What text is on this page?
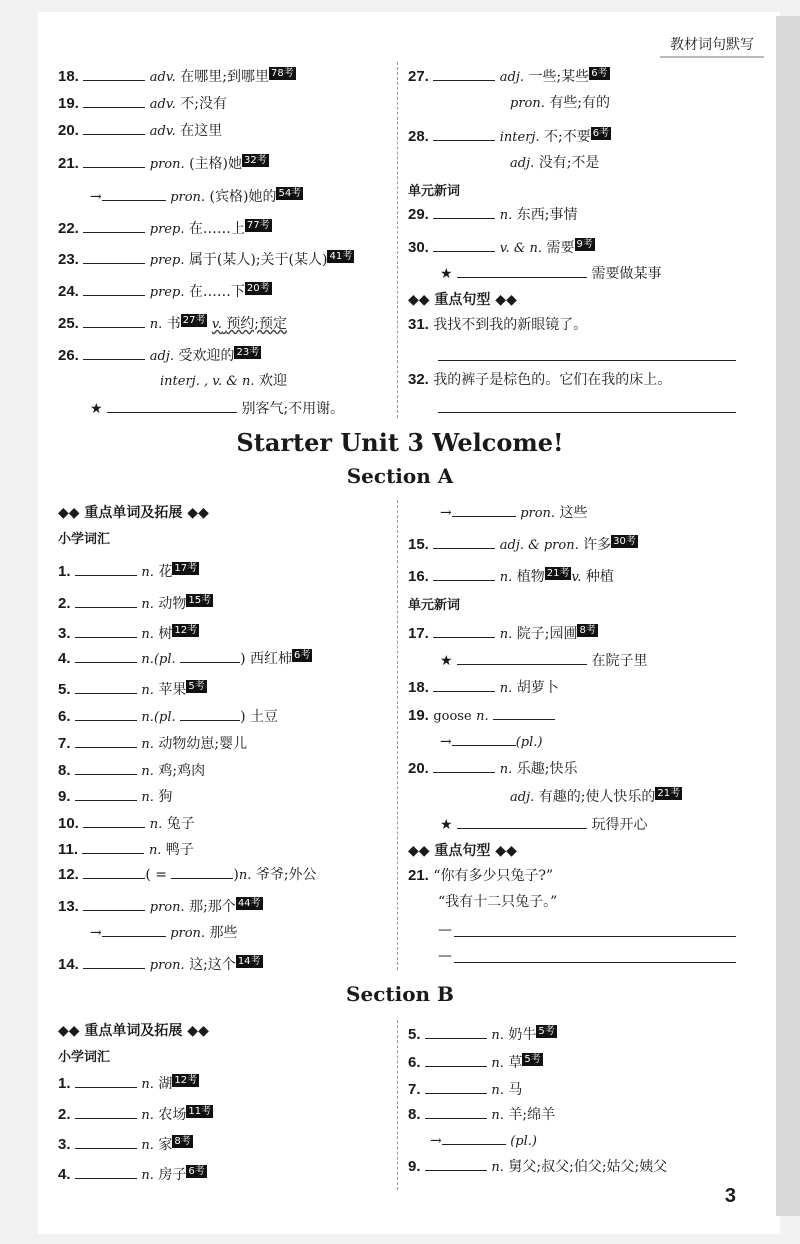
教材词句默写
3
18.	adv. 在哪里;到哪里 78考
19.	adv. 不;没有
20.	adv. 在这里
21.	pron. (主格)她 32考
→	pron. (宾格)她的 54考
22.	prep. 在……上 77考
23.	prep. 属于(某人);关于(某人) 41考
24.	prep. 在……下 20考
25.	n. 书 27考 v. 预约;预定
26.	adj. 受欢迎的 23考
interj. , v. & n. 欢迎
★	别客气;不用谢。
27.	adj. 一些;某些 6考
pron. 有些;有的
28.	interj. 不;不要 6考
adj. 没有;不是
单元新词
29.	n. 东西;事情
30.	v. & n. 需要 9考
★	需要做某事
◆◆ 重点句型 ◆◆
31. 我找不到我的新眼镜了。
32. 我的裤子是棕色的。它们在我的床上。
Starter Unit 3 Welcome!
Section A
◆◆ 重点单词及拓展 ◆◆
小学词汇
1.	n. 花 17考
2.	n. 动物 15考
3.	n. 树 12考
4.	n.(pl.	) 西红柿 6考
5.	n. 苹果 5考
6.	n.(pl.	) 土豆
7.	n. 动物幼崽;婴儿
8.	n. 鸡;鸡肉
9.	n. 狗
10.	n. 兔子
11.	n. 鸭子
12.	( =	)n. 爷爷;外公
13.	pron. 那;那个 44考
→	pron. 那些
14.	pron. 这;这个 14考
→	pron. 这些
15.	adj. & pron. 许多 30考
16.	n. 植物 21考 v. 种植
单元新词
17.	n. 院子;园圃 8考
★	在院子里
18.	n. 胡萝卜
19. goose n.
→	(pl.)
20.	n. 乐趣;快乐
adj. 有趣的;使人快乐的 21考
★	玩得开心
◆◆ 重点句型 ◆◆
21. “你有多少只兔子?”
“我有十二只兔子。”
—
—
Section B
◆◆ 重点单词及拓展 ◆◆
小学词汇
1.	n. 湖 12考
2.	n. 农场 11考
3.	n. 家 8考
4.	n. 房子 6考
5.	n. 奶牛 5考
6.	n. 草 5考
7.	n. 马
8.	n. 羊;绵羊
→	(pl.)
9.	n. 舅父;叔父;伯父;姑父;姨父
